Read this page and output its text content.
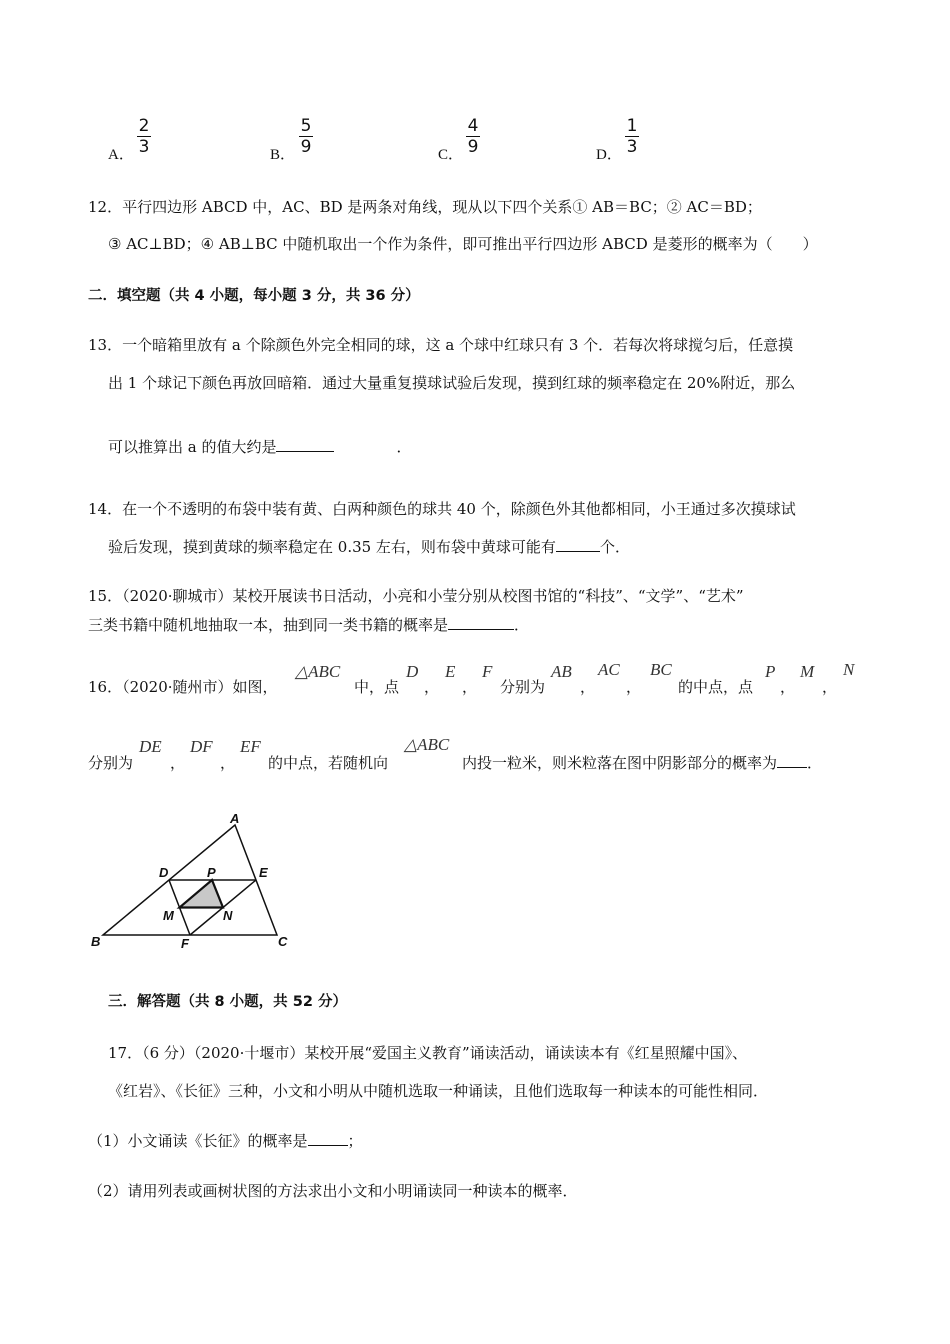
A．
2
3	B．
5
9	C．
4
9	D．
1
3
12．平行四边形 ABCD 中，AC、BD 是两条对角线，现从以下四个关系① AB＝BC；② AC＝BD；
③ AC⊥BD；④ AB⊥BC 中随机取出一个作为条件，即可推出平行四边形 ABCD 是菱形的概率为（　　）
二．填空题（共 4 小题，每小题 3 分，共 36 分）
13．一个暗箱里放有 a 个除颜色外完全相同的球，这 a 个球中红球只有 3 个．若每次将球搅匀后，任意摸
出 1 个球记下颜色再放回暗箱．通过大量重复摸球试验后发现，摸到红球的频率稳定在 20%附近，那么
可以推算出 a 的值大约是	．
14．在一个不透明的布袋中装有黄、白两种颜色的球共 40 个，除颜色外其他都相同，小王通过多次摸球试
验后发现，摸到黄球的频率稳定在 0.35 左右，则布袋中黄球可能有	个．
15．（2020·聊城市）某校开展读书日活动，小亮和小莹分别从校图书馆的“科技”、“文学”、“艺术”
三类书籍中随机地抽取一本，抽到同一类书籍的概率是	．
16．（2020·随州市）如图，
△ABC
中，点
D
，
E
，
F
分别为
AB
，
AC
，
BC
的中点，点
P
，
M
，
N
分别为
DE
，
DF
，
EF
的中点，若随机向
△ABC
内投一粒米，则米粒落在图中阴影部分的概率为 ．
A
B	C
D	E
F
P
M	N
三．解答题（共 8 小题，共 52 分）
17．（6 分）（2020·十堰市）某校开展“爱国主义教育”诵读活动，诵读读本有《红星照耀中国》、
《红岩》、《长征》三种，小文和小明从中随机选取一种诵读，且他们选取每一种读本的可能性相同．
（1）小文诵读《长征》的概率是	；
（2）请用列表或画树状图的方法求出小文和小明诵读同一种读本的概率．
